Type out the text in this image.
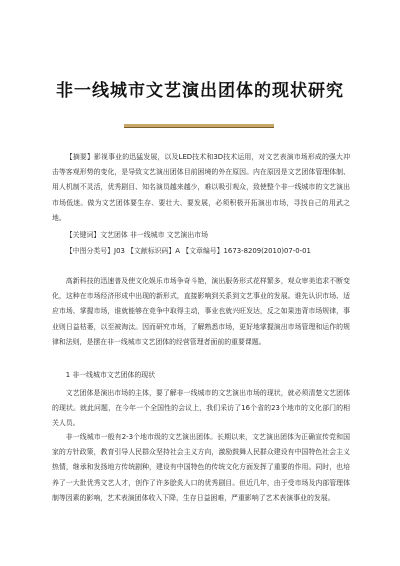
非一线城市文艺演出团体的现状研究
【摘要】影视事业的迅猛发展，以及LED技术和3D技术运用，对文艺表演市场形成的强大冲击等客观形势的变化，是导致文艺演出团体目前困境的外在原因。内在原因是文艺团体管理体制、用人机制不灵活，优秀剧目、知名演员越来越少，难以吸引观众，致使整个非一线城市的文艺演出市场低迷。做为文艺团体要生存、要壮大、要发展，必须积极开拓演出市场，寻找自己的用武之地。
【关键词】文艺团体 非一线城市 文艺演出市场
【中图分类号】J03 【文献标识码】A 【文章编号】1673-8209(2010)07-0-01
高新科技的迅速普及使文化娱乐市场争奇斗艳，演出服务形式花样繁多，观众审美追求不断变化，这种在市场经济形成中出现的新形式，直接影响到关系到文艺事业的发展。谁先认识市场、适应市场、掌握市场，谁就能够在竞争中取得主动，事业也就兴旺发达，反之如果违背市场规律，事业则日益枯萎，以至被淘汰。因而研究市场，了解熟悉市场，更好地掌握演出市场管理和运作的规律和法则，是摆在非一线城市文艺团体的经营管理者面前的重要课题。
1 非一线城市文艺团体的现状
文艺团体是演出市场的主体，要了解非一线城市的文艺演出市场的现状，就必须清楚文艺团体的现状。就此问题，在今年一个全国性的会议上，我们采访了16个省的23个地市的文化部门的相关人员。
非一线城市一般有2-3个地市级的文艺演出团体。长期以来，文艺演出团体为正确宣传党和国家的方针政策，教育引导人民群众坚持社会主义方向，激励鼓舞人民群众建设有中国特色社会主义热情，继承和发扬地方传统剧种，建设有中国特色的传统文化方面发挥了重要的作用。同时，也培养了一大批优秀文艺人才，创作了许多脍炙人口的优秀剧目。但近几年，由于受市场及内部管理体制等因素的影响，艺术表演团体收入下降，生存日益困难，严重影响了艺术表演事业的发展。
